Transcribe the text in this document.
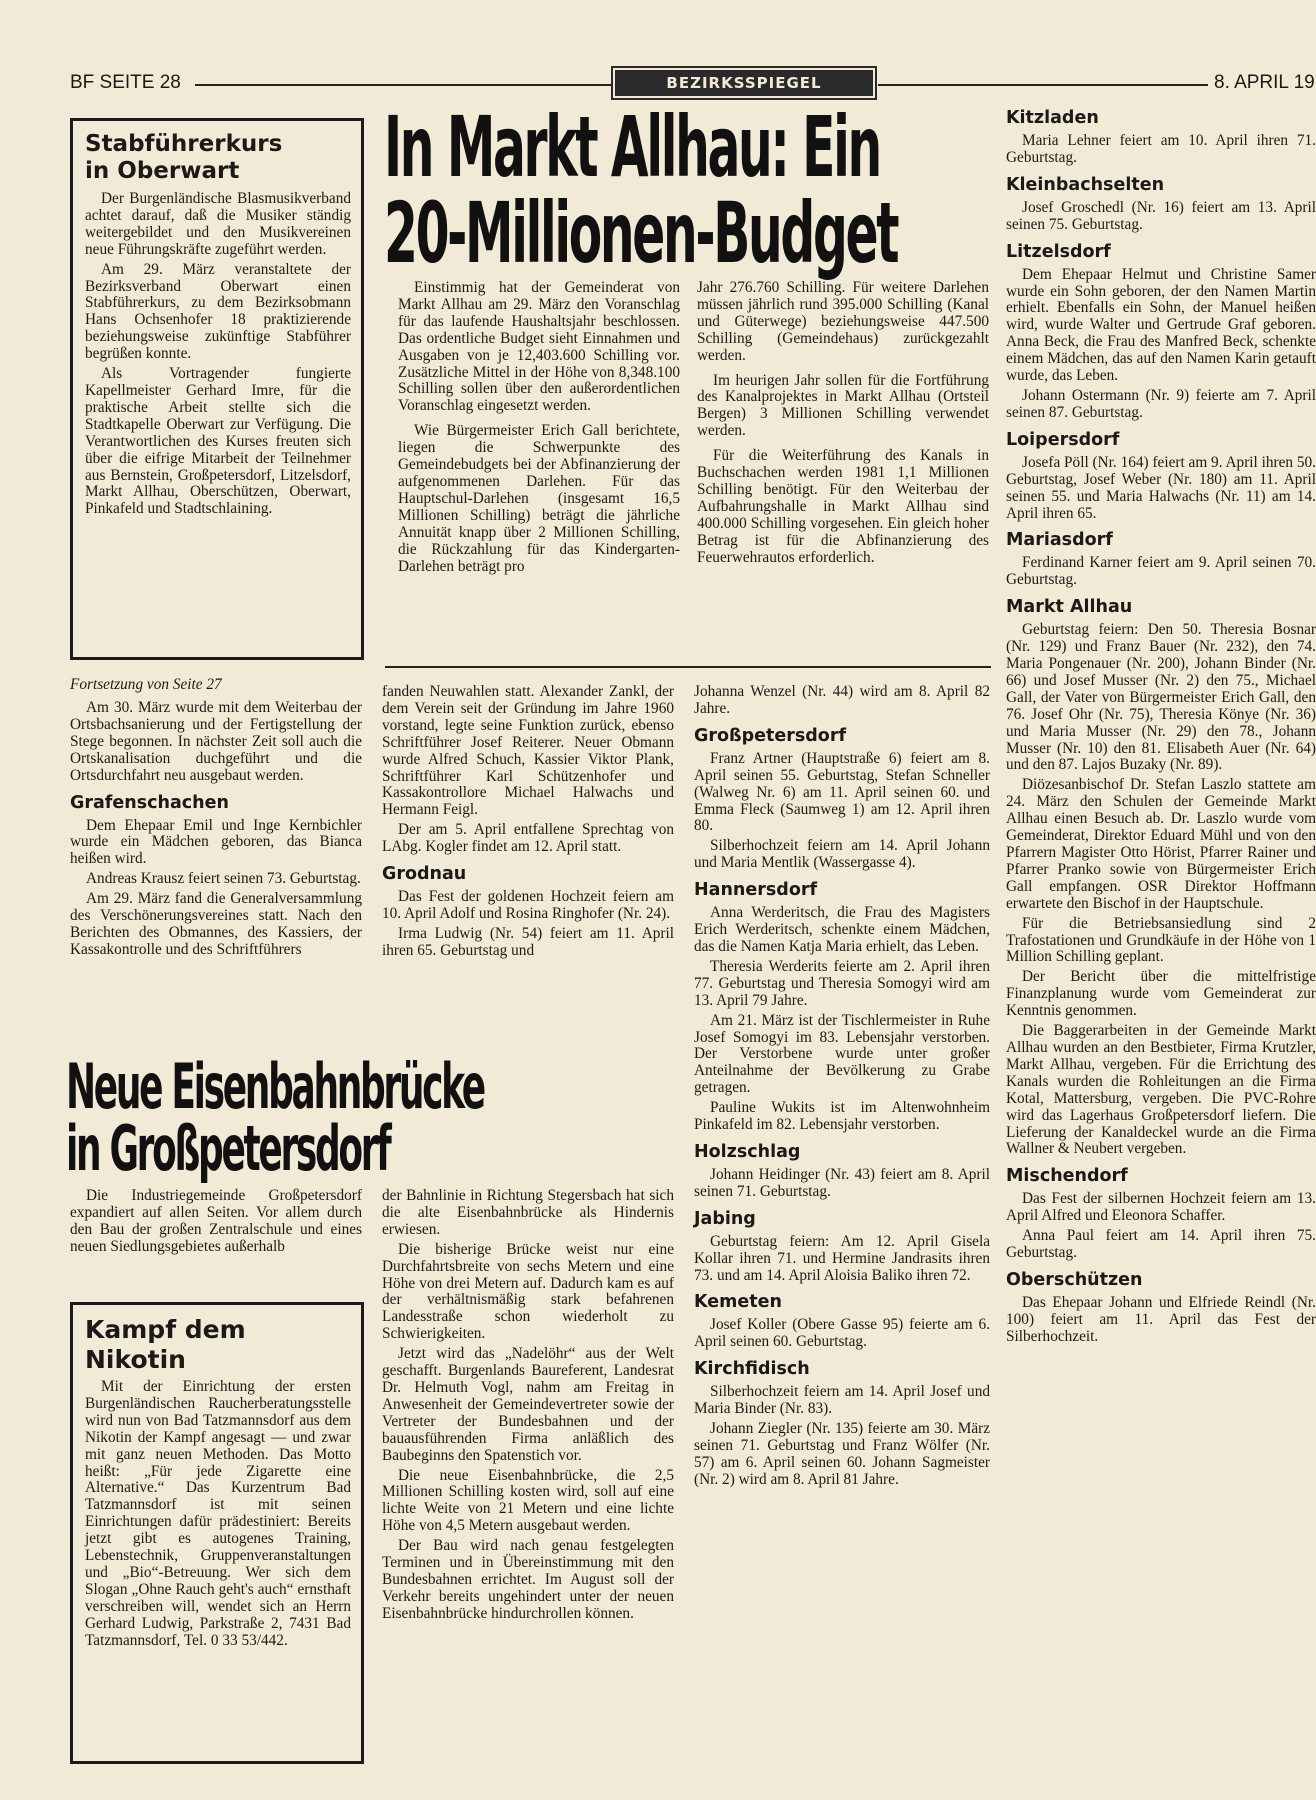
BF SEITE 28	BEZIRKSSPIEGEL	8. APRIL 19
Stabführerkurs
in Oberwart

Der Burgenländische Blasmusikverband achtet darauf, daß die Musiker ständig weitergebildet und den Musikvereinen neue Führungskräfte zugeführt werden.

Am 29. März veranstaltete der Bezirksverband Oberwart einen Stabführerkurs, zu dem Bezirksobmann Hans Ochsenhofer 18 praktizierende beziehungsweise zukünftige Stabführer begrüßen konnte.

Als Vortragender fungierte Kapellmeister Gerhard Imre, für die praktische Arbeit stellte sich die Stadtkapelle Oberwart zur Verfügung. Die Verantwortlichen des Kurses freuten sich über die eifrige Mitarbeit der Teilnehmer aus Bernstein, Großpetersdorf, Litzelsdorf, Markt Allhau, Oberschützen, Oberwart, Pinkafeld und Stadtschlaining.

In Markt Allhau: Ein
20-Millionen-Budget

Einstimmig hat der Gemeinderat von Markt Allhau am 29. März den Voranschlag für das laufende Haushaltsjahr beschlossen. Das ordentliche Budget sieht Einnahmen und Ausgaben von je 12,403.600 Schilling vor. Zusätzliche Mittel in der Höhe von 8,348.100 Schilling sollen über den außerordentlichen Voranschlag eingesetzt werden.

Wie Bürgermeister Erich Gall berichtete, liegen die Schwerpunkte des Gemeindebudgets bei der Abfinanzierung der aufgenommenen Darlehen. Für das Hauptschul-Darlehen (insgesamt 16,5 Millionen Schilling) beträgt die jährliche Annuität knapp über 2 Millionen Schilling, die Rückzahlung für das Kindergarten-Darlehen beträgt pro

Jahr 276.760 Schilling. Für weitere Darlehen müssen jährlich rund 395.000 Schilling (Kanal und Güterwege) beziehungsweise 447.500 Schilling (Gemeindehaus) zurückgezahlt werden.

Im heurigen Jahr sollen für die Fortführung des Kanalprojektes in Markt Allhau (Ortsteil Bergen) 3 Millionen Schilling verwendet werden.

Für die Weiterführung des Kanals in Buchschachen werden 1981 1,1 Millionen Schilling benötigt. Für den Weiterbau der Aufbahrungshalle in Markt Allhau sind 400.000 Schilling vorgesehen. Ein gleich hoher Betrag ist für die Abfinanzierung des Feuerwehrautos erforderlich.

Fortsetzung von Seite 27

Am 30. März wurde mit dem Weiterbau der Ortsbachsanierung und der Fertigstellung der Stege begonnen. In nächster Zeit soll auch die Ortskanalisation duchgeführt und die Ortsdurchfahrt neu ausgebaut werden.

Grafenschachen

Dem Ehepaar Emil und Inge Kernbichler wurde ein Mädchen geboren, das Bianca heißen wird.

Andreas Krausz feiert seinen 73. Geburtstag.

Am 29. März fand die Generalversammlung des Verschönerungsvereines statt. Nach den Berichten des Obmannes, des Kassiers, der Kassakontrolle und des Schriftführers

fanden Neuwahlen statt. Alexander Zankl, der dem Verein seit der Gründung im Jahre 1960 vorstand, legte seine Funktion zurück, ebenso Schriftführer Josef Reiterer. Neuer Obmann wurde Alfred Schuch, Kassier Viktor Plank, Schriftführer Karl Schützenhofer und Kassakontrollore Michael Halwachs und Hermann Feigl.

Der am 5. April entfallene Sprechtag von LAbg. Kogler findet am 12. April statt.

Grodnau

Das Fest der goldenen Hochzeit feiern am 10. April Adolf und Rosina Ringhofer (Nr. 24).

Irma Ludwig (Nr. 54) feiert am 11. April ihren 65. Geburtstag und

Neue Eisenbahnbrücke
in Großpetersdorf

Die Industriegemeinde Großpetersdorf expandiert auf allen Seiten. Vor allem durch den Bau der großen Zentralschule und eines neuen Siedlungsgebietes außerhalb

der Bahnlinie in Richtung Stegersbach hat sich die alte Eisenbahnbrücke als Hindernis erwiesen.

Die bisherige Brücke weist nur eine Durchfahrtsbreite von sechs Metern und eine Höhe von drei Metern auf. Dadurch kam es auf der verhältnismäßig stark befahrenen Landesstraße schon wiederholt zu Schwierigkeiten.

Jetzt wird das „Nadelöhr“ aus der Welt geschafft. Burgenlands Baureferent, Landesrat Dr. Helmuth Vogl, nahm am Freitag in Anwesenheit der Gemeindevertreter sowie der Vertreter der Bundesbahnen und der bauausführenden Firma anläßlich des Baubeginns den Spatenstich vor.

Die neue Eisenbahnbrücke, die 2,5 Millionen Schilling kosten wird, soll auf eine lichte Weite von 21 Metern und eine lichte Höhe von 4,5 Metern ausgebaut werden.

Der Bau wird nach genau festgelegten Terminen und in Übereinstimmung mit den Bundesbahnen errichtet. Im August soll der Verkehr bereits ungehindert unter der neuen Eisenbahnbrücke hindurchrollen können.

Kampf dem Nikotin

Mit der Einrichtung der ersten Burgenländischen Raucherberatungsstelle wird nun von Bad Tatzmannsdorf aus dem Nikotin der Kampf angesagt — und zwar mit ganz neuen Methoden. Das Motto heißt: „Für jede Zigarette eine Alternative.“ Das Kurzentrum Bad Tatzmannsdorf ist mit seinen Einrichtungen dafür prädestiniert: Bereits jetzt gibt es autogenes Training, Lebenstechnik, Gruppenveranstaltungen und „Bio“-Betreuung. Wer sich dem Slogan „Ohne Rauch geht's auch“ ernsthaft verschreiben will, wendet sich an Herrn Gerhard Ludwig, Parkstraße 2, 7431 Bad Tatzmannsdorf, Tel. 0 33 53/442.

Johanna Wenzel (Nr. 44) wird am 8. April 82 Jahre.

Großpetersdorf

Franz Artner (Hauptstraße 6) feiert am 8. April seinen 55. Geburtstag, Stefan Schneller (Walweg Nr. 6) am 11. April seinen 60. und Emma Fleck (Saumweg 1) am 12. April ihren 80.

Silberhochzeit feiern am 14. April Johann und Maria Mentlik (Wassergasse 4).

Hannersdorf

Anna Werderitsch, die Frau des Magisters Erich Werderitsch, schenkte einem Mädchen, das die Namen Katja Maria erhielt, das Leben.

Theresia Werderits feierte am 2. April ihren 77. Geburtstag und Theresia Somogyi wird am 13. April 79 Jahre.

Am 21. März ist der Tischlermeister in Ruhe Josef Somogyi im 83. Lebensjahr verstorben. Der Verstorbene wurde unter großer Anteilnahme der Bevölkerung zu Grabe getragen.

Pauline Wukits ist im Altenwohnheim Pinkafeld im 82. Lebensjahr verstorben.

Holzschlag

Johann Heidinger (Nr. 43) feiert am 8. April seinen 71. Geburtstag.

Jabing

Geburtstag feiern: Am 12. April Gisela Kollar ihren 71. und Hermine Jandrasits ihren 73. und am 14. April Aloisia Baliko ihren 72.

Kemeten

Josef Koller (Obere Gasse 95) feierte am 6. April seinen 60. Geburtstag.

Kirchfidisch

Silberhochzeit feiern am 14. April Josef und Maria Binder (Nr. 83).

Johann Ziegler (Nr. 135) feierte am 30. März seinen 71. Geburtstag und Franz Wölfer (Nr. 57) am 6. April seinen 60. Johann Sagmeister (Nr. 2) wird am 8. April 81 Jahre.

Kitzladen

Maria Lehner feiert am 10. April ihren 71. Geburtstag.

Kleinbachselten

Josef Groschedl (Nr. 16) feiert am 13. April seinen 75. Geburtstag.

Litzelsdorf

Dem Ehepaar Helmut und Christine Samer wurde ein Sohn geboren, der den Namen Martin erhielt. Ebenfalls ein Sohn, der Manuel heißen wird, wurde Walter und Gertrude Graf geboren. Anna Beck, die Frau des Manfred Beck, schenkte einem Mädchen, das auf den Namen Karin getauft wurde, das Leben.

Johann Ostermann (Nr. 9) feierte am 7. April seinen 87. Geburtstag.

Loipersdorf

Josefa Pöll (Nr. 164) feiert am 9. April ihren 50. Geburtstag, Josef Weber (Nr. 180) am 11. April seinen 55. und Maria Halwachs (Nr. 11) am 14. April ihren 65.

Mariasdorf

Ferdinand Karner feiert am 9. April seinen 70. Geburtstag.

Markt Allhau

Geburtstag feiern: Den 50. Theresia Bosnar (Nr. 129) und Franz Bauer (Nr. 232), den 74. Maria Pongenauer (Nr. 200), Johann Binder (Nr. 66) und Josef Musser (Nr. 2) den 75., Michael Gall, der Vater von Bürgermeister Erich Gall, den 76. Josef Ohr (Nr. 75), Theresia Könye (Nr. 36) und Maria Musser (Nr. 29) den 78., Johann Musser (Nr. 10) den 81. Elisabeth Auer (Nr. 64) und den 87. Lajos Buzaky (Nr. 89).

Diözesanbischof Dr. Stefan Laszlo stattete am 24. März den Schulen der Gemeinde Markt Allhau einen Besuch ab. Dr. Laszlo wurde vom Gemeinderat, Direktor Eduard Mühl und von den Pfarrern Magister Otto Hörist, Pfarrer Rainer und Pfarrer Pranko sowie von Bürgermeister Erich Gall empfangen. OSR Direktor Hoffmann erwartete den Bischof in der Hauptschule.

Für die Betriebsansiedlung sind 2 Trafostationen und Grundkäufe in der Höhe von 1 Million Schilling geplant.

Der Bericht über die mittelfristige Finanzplanung wurde vom Gemeinderat zur Kenntnis genommen.

Die Baggerarbeiten in der Gemeinde Markt Allhau wurden an den Bestbieter, Firma Krutzler, Markt Allhau, vergeben. Für die Errichtung des Kanals wurden die Rohleitungen an die Firma Kotal, Mattersburg, vergeben. Die PVC-Rohre wird das Lagerhaus Großpetersdorf liefern. Die Lieferung der Kanaldeckel wurde an die Firma Wallner & Neubert vergeben.

Mischendorf

Das Fest der silbernen Hochzeit feiern am 13. April Alfred und Eleonora Schaffer.

Anna Paul feiert am 14. April ihren 75. Geburtstag.

Oberschützen

Das Ehepaar Johann und Elfriede Reindl (Nr. 100) feiert am 11. April das Fest der Silberhochzeit.
